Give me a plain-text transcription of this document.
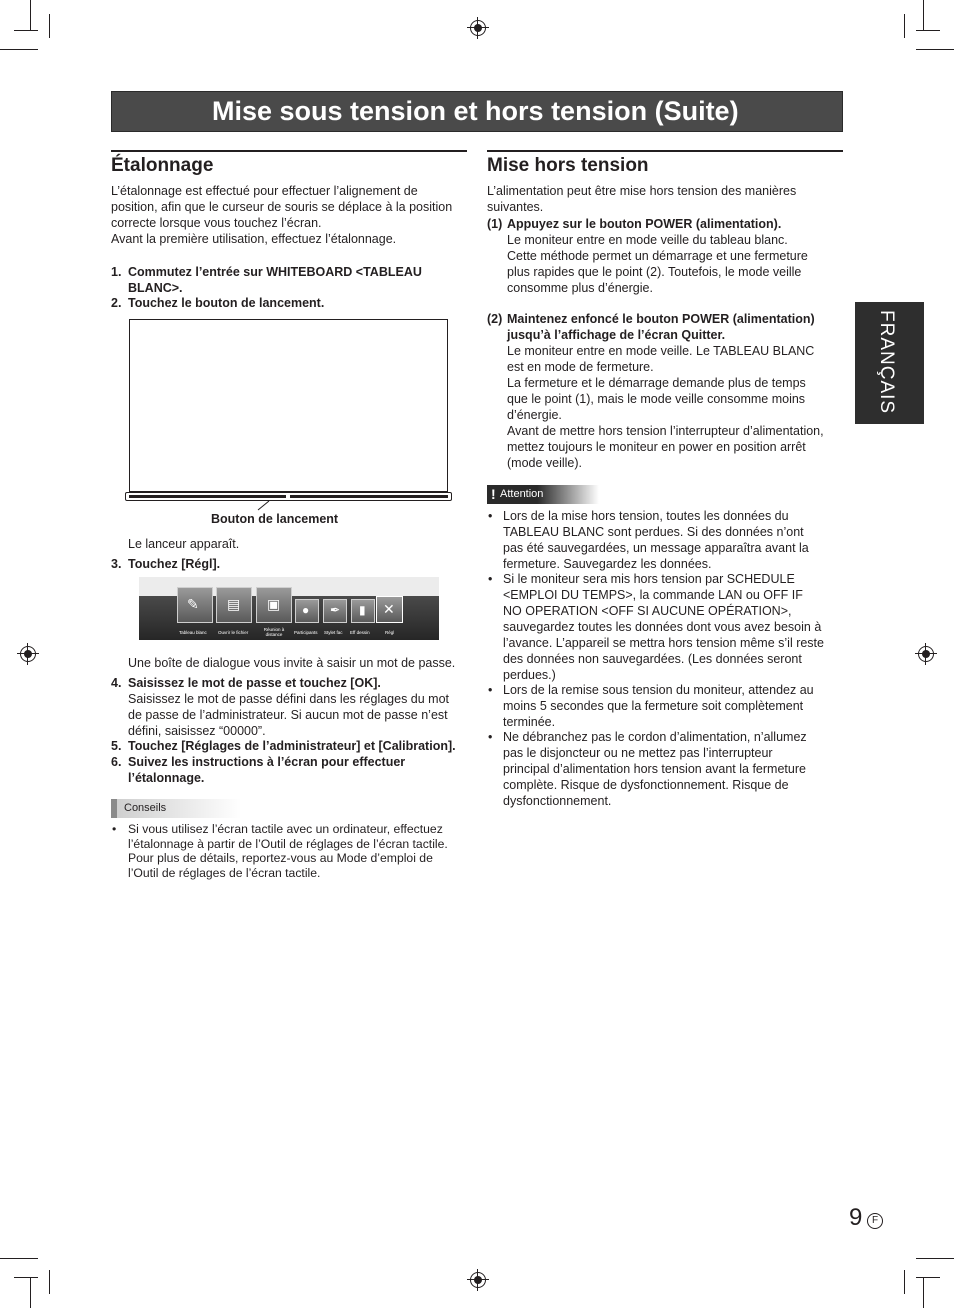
Mise sous tension et hors tension (Suite)
FRANÇAIS
Étalonnage
L’étalonnage est effectué pour effectuer l’alignement de
position, afin que le curseur de souris se déplace à la position
correcte lorsque vous touchez l’écran.
Avant la première utilisation, effectuez l’étalonnage.
1. Commutez l’entrée sur WHITEBOARD <TABLEAU
BLANC>.
2. Touchez le bouton de lancement.
Bouton de lancement
Le lanceur apparaît.
3. Touchez [Régl].
✎ ▤ ▣ ● ✒ ▮ ✕
Tableau blanc Ouvrir le fichier
Réunion à distance	Participants Stylet fac Eff dessin	Régl
Une boîte de dialogue vous invite à saisir un mot de passe.
4. Saisissez le mot de passe et touchez [OK].
Saisissez le mot de passe défini dans les réglages du mot
de passe de l’administrateur. Si aucun mot de passe n’est
défini, saisissez “00000”.
5. Touchez [Réglages de l’administrateur] et [Calibration].
6. Suivez les instructions à l’écran pour effectuer
l’étalonnage.
Conseils
• Si vous utilisez l’écran tactile avec un ordinateur, effectuez
l’étalonnage à partir de l’Outil de réglages de l’écran tactile.
Pour plus de détails, reportez-vous au Mode d’emploi de
l’Outil de réglages de l’écran tactile.
Mise hors tension
L’alimentation peut être mise hors tension des manières
suivantes.
(1) Appuyez sur le bouton POWER (alimentation).
Le moniteur entre en mode veille du tableau blanc.
Cette méthode permet un démarrage et une fermeture
plus rapides que le point (2). Toutefois, le mode veille
consomme plus d’énergie.
(2) Maintenez enfoncé le bouton POWER (alimentation)
jusqu’à l’affichage de l’écran Quitter.
Le moniteur entre en mode veille. Le TABLEAU BLANC
est en mode de fermeture.
La fermeture et le démarrage demande plus de temps
que le point (1), mais le mode veille consomme moins
d’énergie.
Avant de mettre hors tension l’interrupteur d’alimentation,
mettez toujours le moniteur en power en position arrêt
(mode veille).
! Attention
• Lors de la mise hors tension, toutes les données du
TABLEAU BLANC sont perdues. Si des données n’ont
pas été sauvegardées, un message apparaîtra avant la
fermeture. Sauvegardez les données.
• Si le moniteur sera mis hors tension par SCHEDULE
<EMPLOI DU TEMPS>, la commande LAN ou OFF IF
NO OPERATION <OFF SI AUCUNE OPÉRATION>,
sauvegardez toutes les données dont vous avez besoin à
l’avance. L’appareil se mettra hors tension même s’il reste
des données non sauvegardées. (Les données seront
perdues.)
• Lors de la remise sous tension du moniteur, attendez au
moins 5 secondes que la fermeture soit complètement
terminée.
• Ne débranchez pas le cordon d’alimentation, n’allumez
pas le disjoncteur ou ne mettez pas l’interrupteur
principal d’alimentation hors tension avant la fermeture
complète. Risque de dysfonctionnement. Risque de
dysfonctionnement.
9 F
